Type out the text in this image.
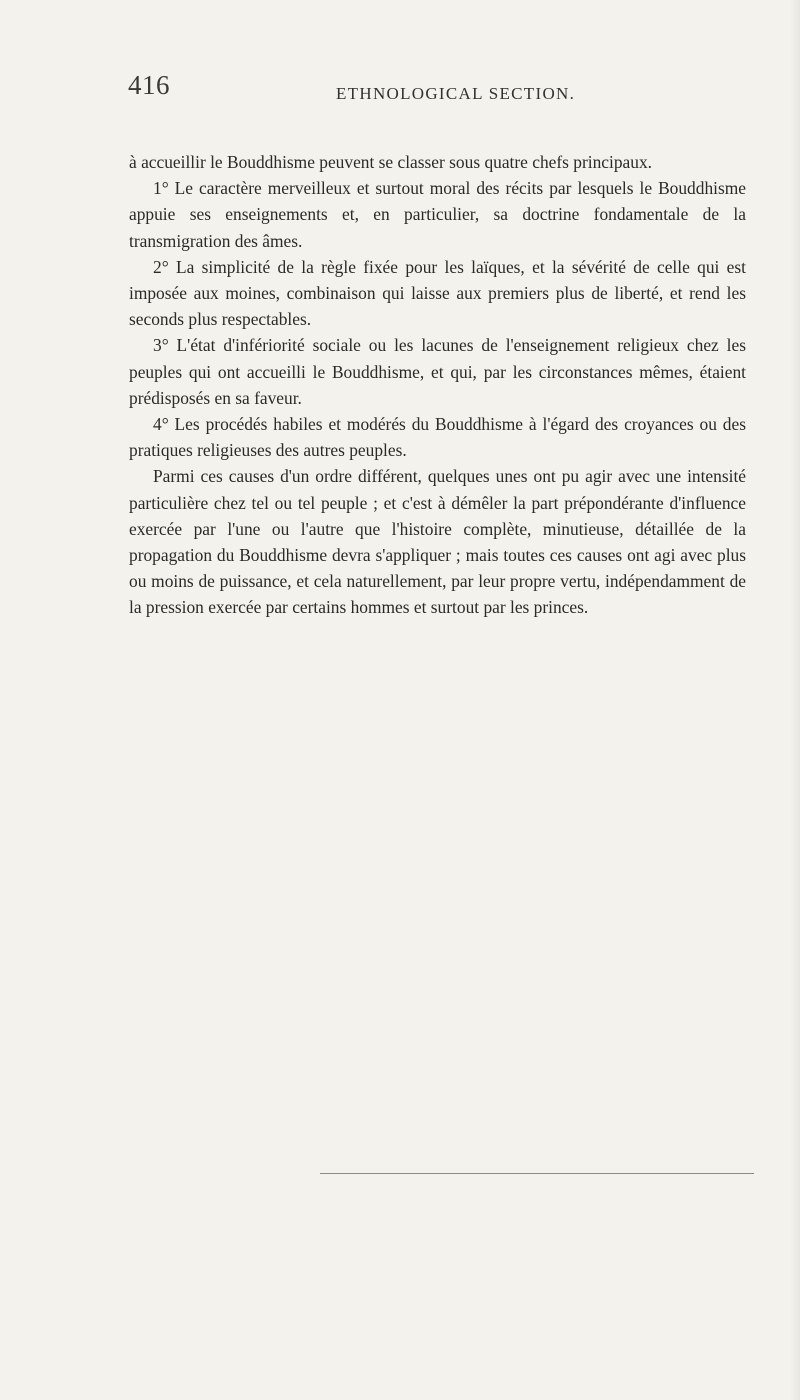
416	ETHNOLOGICAL SECTION.

à accueillir le Bouddhisme peuvent se classer sous quatre chefs principaux.

1° Le caractère merveilleux et surtout moral des récits par lesquels le Bouddhisme appuie ses enseignements et, en particulier, sa doctrine fondamentale de la transmigration des âmes.

2° La simplicité de la règle fixée pour les laïques, et la sévérité de celle qui est imposée aux moines, combinaison qui laisse aux premiers plus de liberté, et rend les seconds plus respectables.

3° L'état d'infériorité sociale ou les lacunes de l'enseignement religieux chez les peuples qui ont accueilli le Bouddhisme, et qui, par les circonstances mêmes, étaient prédisposés en sa faveur.

4° Les procédés habiles et modérés du Bouddhisme à l'égard des croyances ou des pratiques religieuses des autres peuples.

Parmi ces causes d'un ordre différent, quelques unes ont pu agir avec une intensité particulière chez tel ou tel peuple ; et c'est à démêler la part prépondérante d'influence exercée par l'une ou l'autre que l'histoire complète, minutieuse, détaillée de la propagation du Bouddhisme devra s'appliquer ; mais toutes ces causes ont agi avec plus ou moins de puissance, et cela naturellement, par leur propre vertu, indépendamment de la pression exercée par certains hommes et surtout par les princes.
